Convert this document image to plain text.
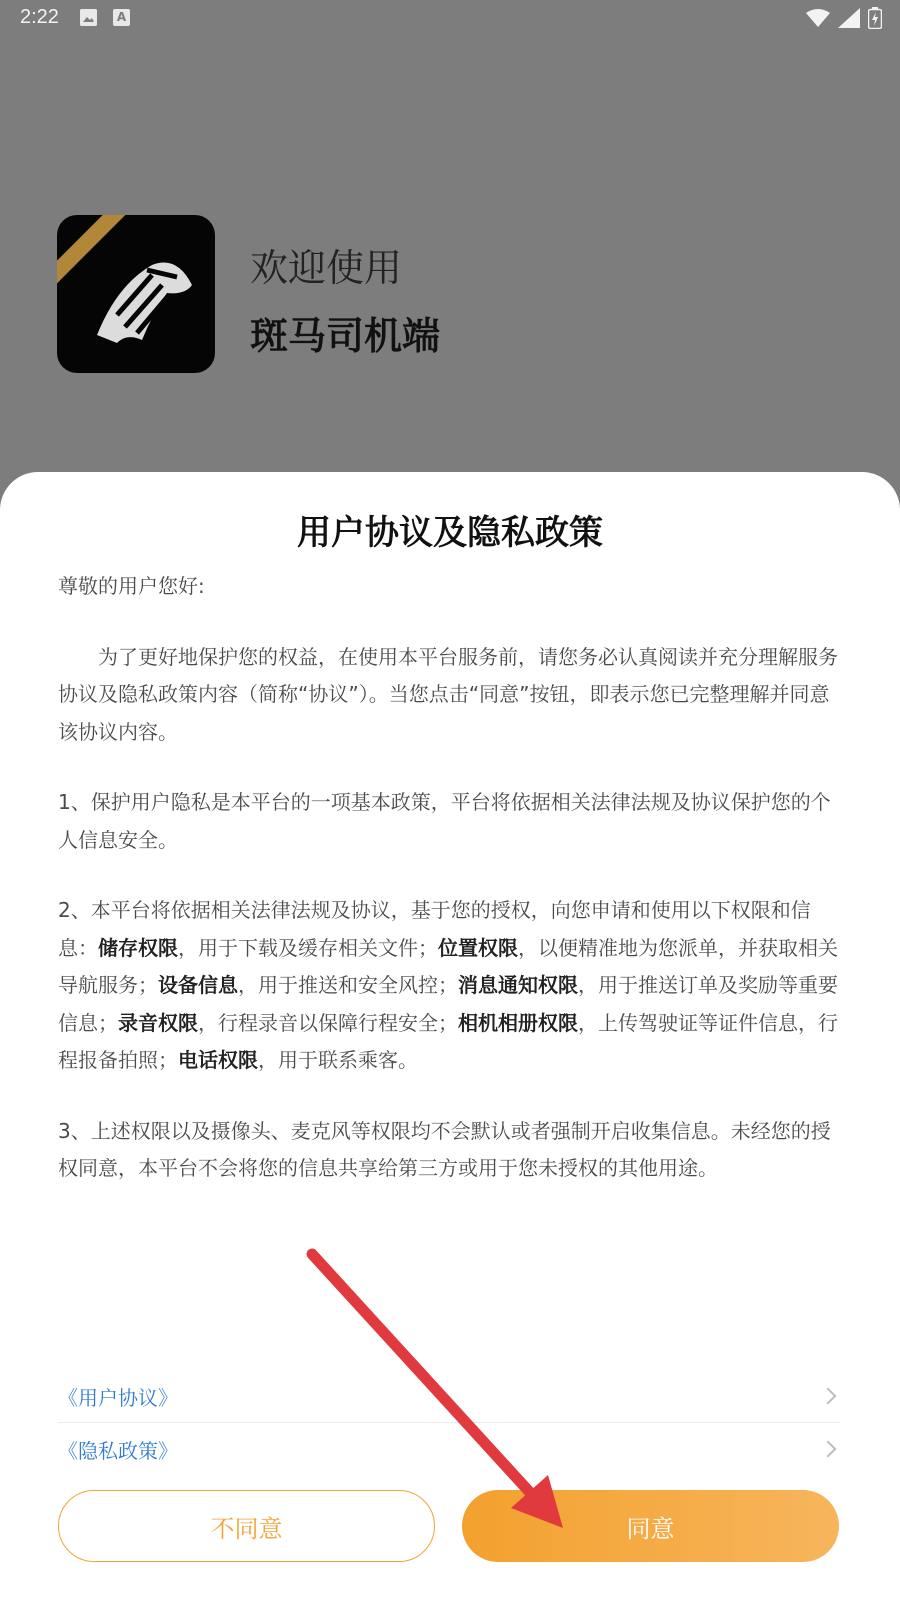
2:22	A
欢迎使用
斑马司机端
用户协议及隐私政策

尊敬的用户您好:

为了更好地保护您的权益，在使用本平台服务前，请您务必认真阅读并充分理解服务协议及隐私政策内容（简称“协议”）。当您点击“同意”按钮，即表示您已完整理解并同意该协议内容。

1、保护用户隐私是本平台的一项基本政策，平台将依据相关法律法规及协议保护您的个人信息安全。

2、本平台将依据相关法律法规及协议，基于您的授权，向您申请和使用以下权限和信息：储存权限，用于下载及缓存相关文件；位置权限，以便精准地为您派单，并获取相关导航服务；设备信息，用于推送和安全风控；消息通知权限，用于推送订单及奖励等重要信息；录音权限，行程录音以保障行程安全；相机相册权限，上传驾驶证等证件信息，行程报备拍照；电话权限，用于联系乘客。

3、上述权限以及摄像头、麦克风等权限均不会默认或者强制开启收集信息。未经您的授权同意，本平台不会将您的信息共享给第三方或用于您未授权的其他用途。

《用户协议》
《隐私政策》
不同意	同意
